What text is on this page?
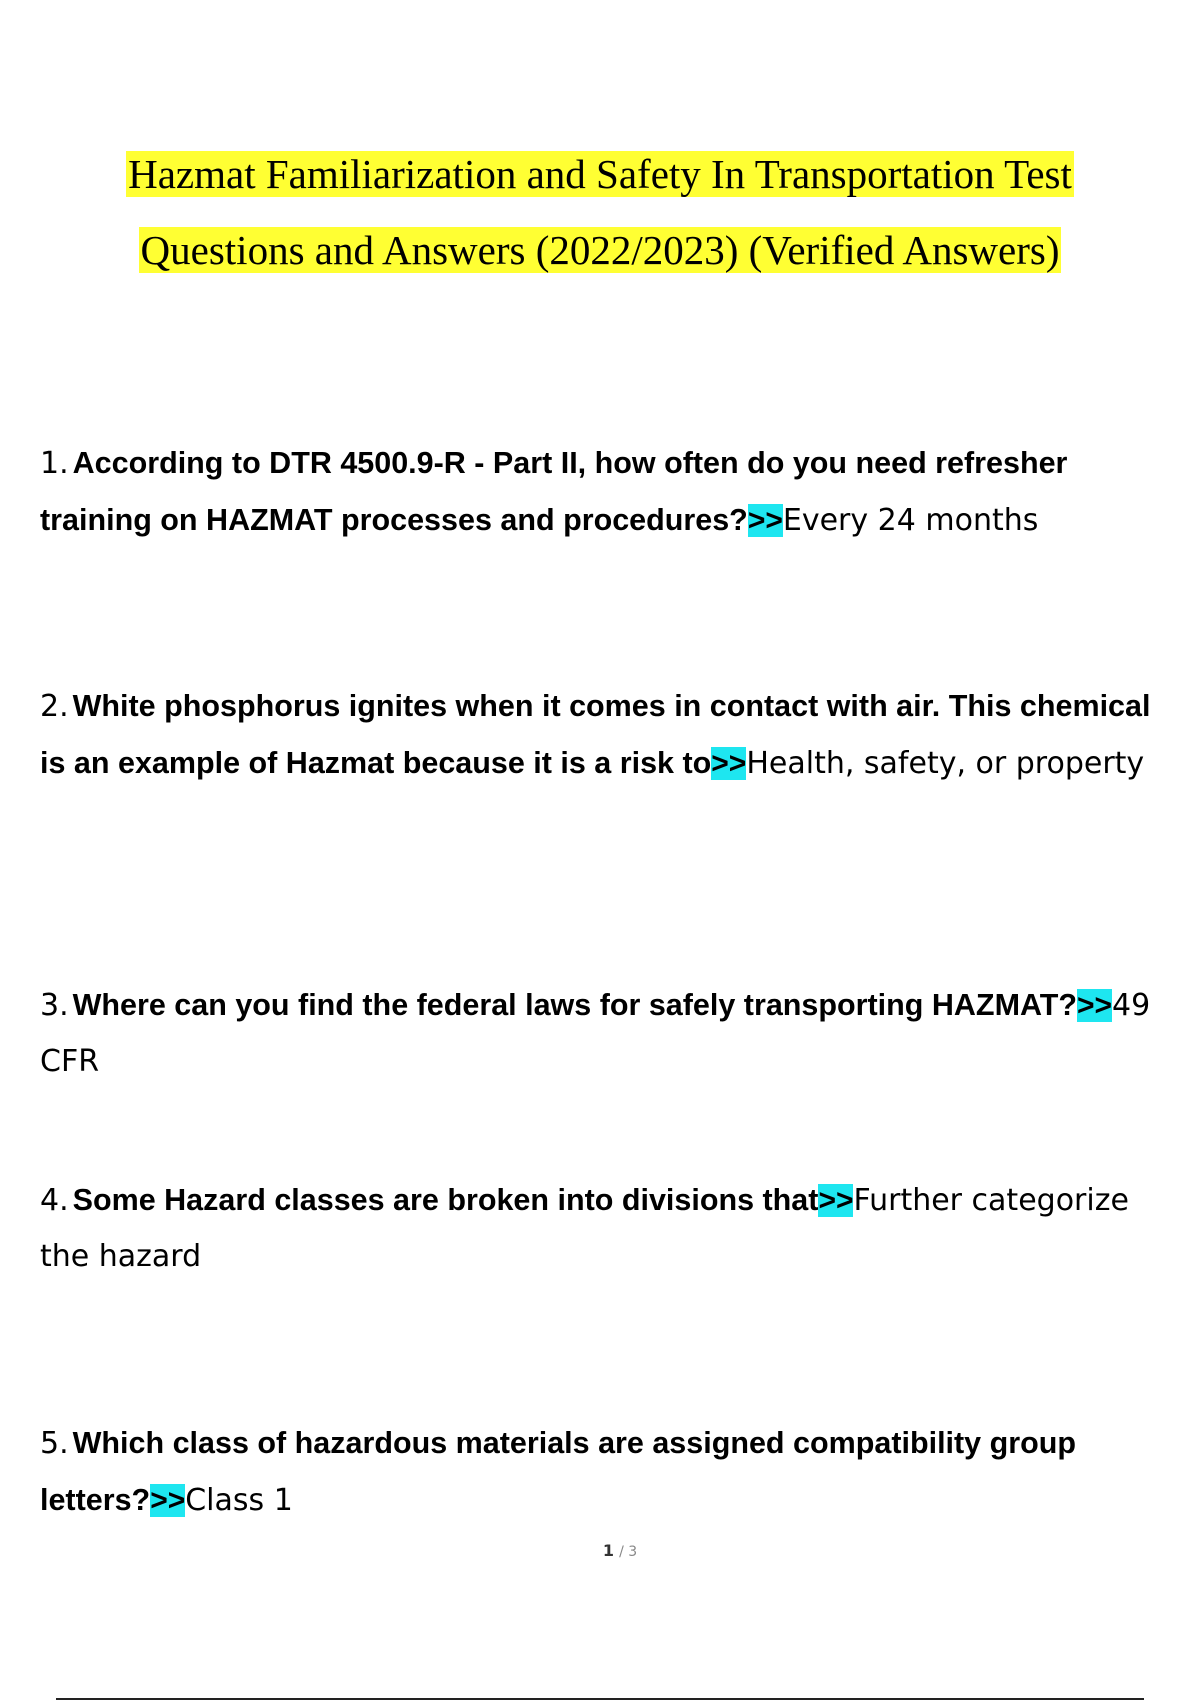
Hazmat Familiarization and Safety In Transportation Test
Questions and Answers (2022/2023) (Verified Answers)
1. According to DTR 4500.9-R - Part II, how often do you need refresher training on HAZMAT processes and procedures?>>Every 24 months
2. White phosphorus ignites when it comes in contact with air. This chemical is an example of Hazmat because it is a risk to>>Health, safety, or property
3. Where can you find the federal laws for safely transporting HAZMAT?>>49 CFR
4. Some Hazard classes are broken into divisions that>>Further categorize the hazard
5. Which class of hazardous materials are assigned compatibility group letters?>>Class 1
1 / 3
